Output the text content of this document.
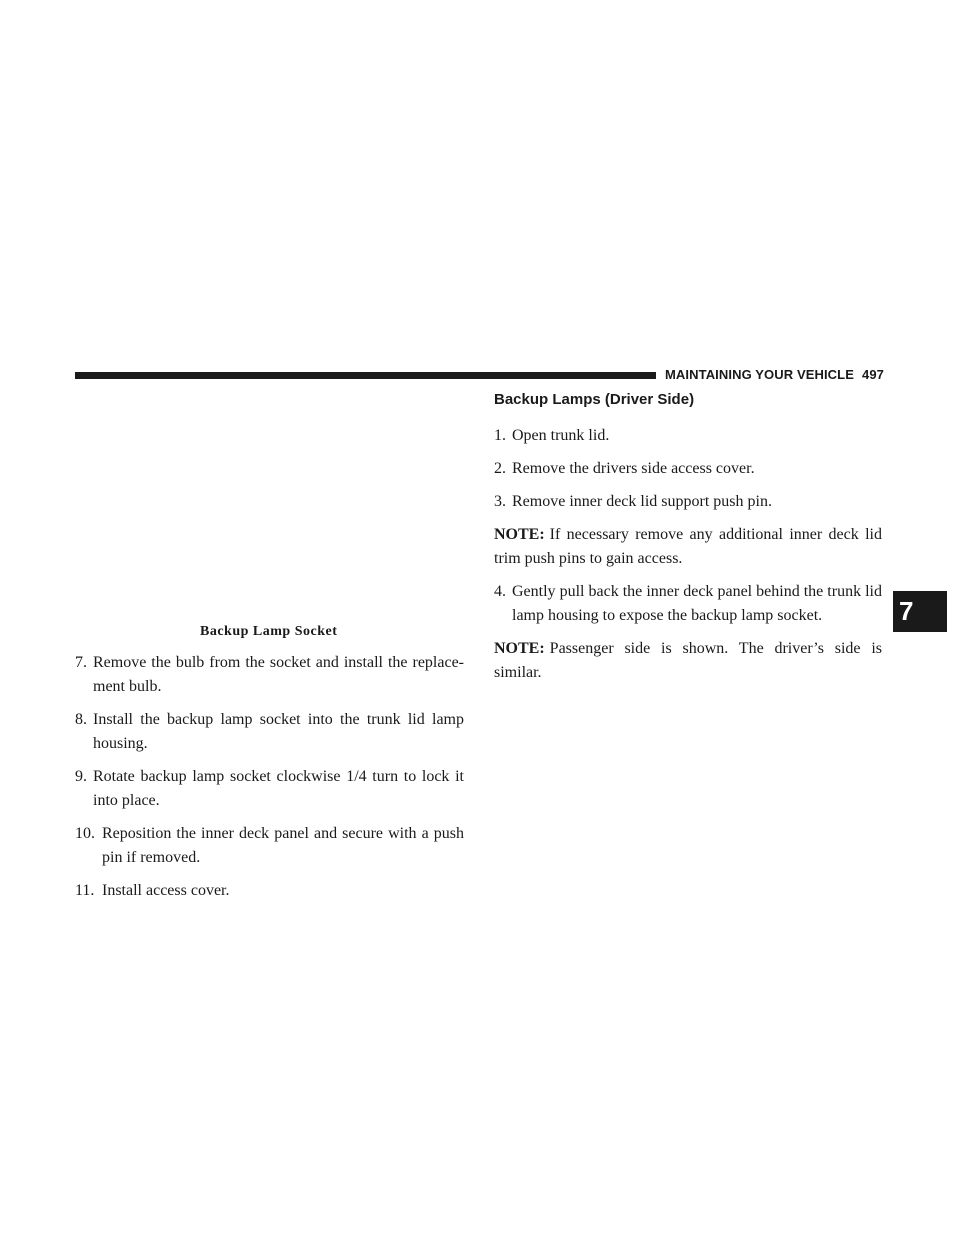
MAINTAINING YOUR VEHICLE 497
7
Backup Lamp Socket
7. Remove the bulb from the socket and install the replace-ment bulb.
8. Install the backup lamp socket into the trunk lid lamp housing.
9. Rotate backup lamp socket clockwise 1/4 turn to lock it into place.
10. Reposition the inner deck panel and secure with a push pin if removed.
11. Install access cover.
Backup Lamps (Driver Side)
1. Open trunk lid.
2. Remove the drivers side access cover.
3. Remove inner deck lid support push pin.
NOTE: If necessary remove any additional inner deck lid trim push pins to gain access.
4. Gently pull back the inner deck panel behind the trunk lid lamp housing to expose the backup lamp socket.
NOTE: Passenger side is shown. The driver’s side is similar.
